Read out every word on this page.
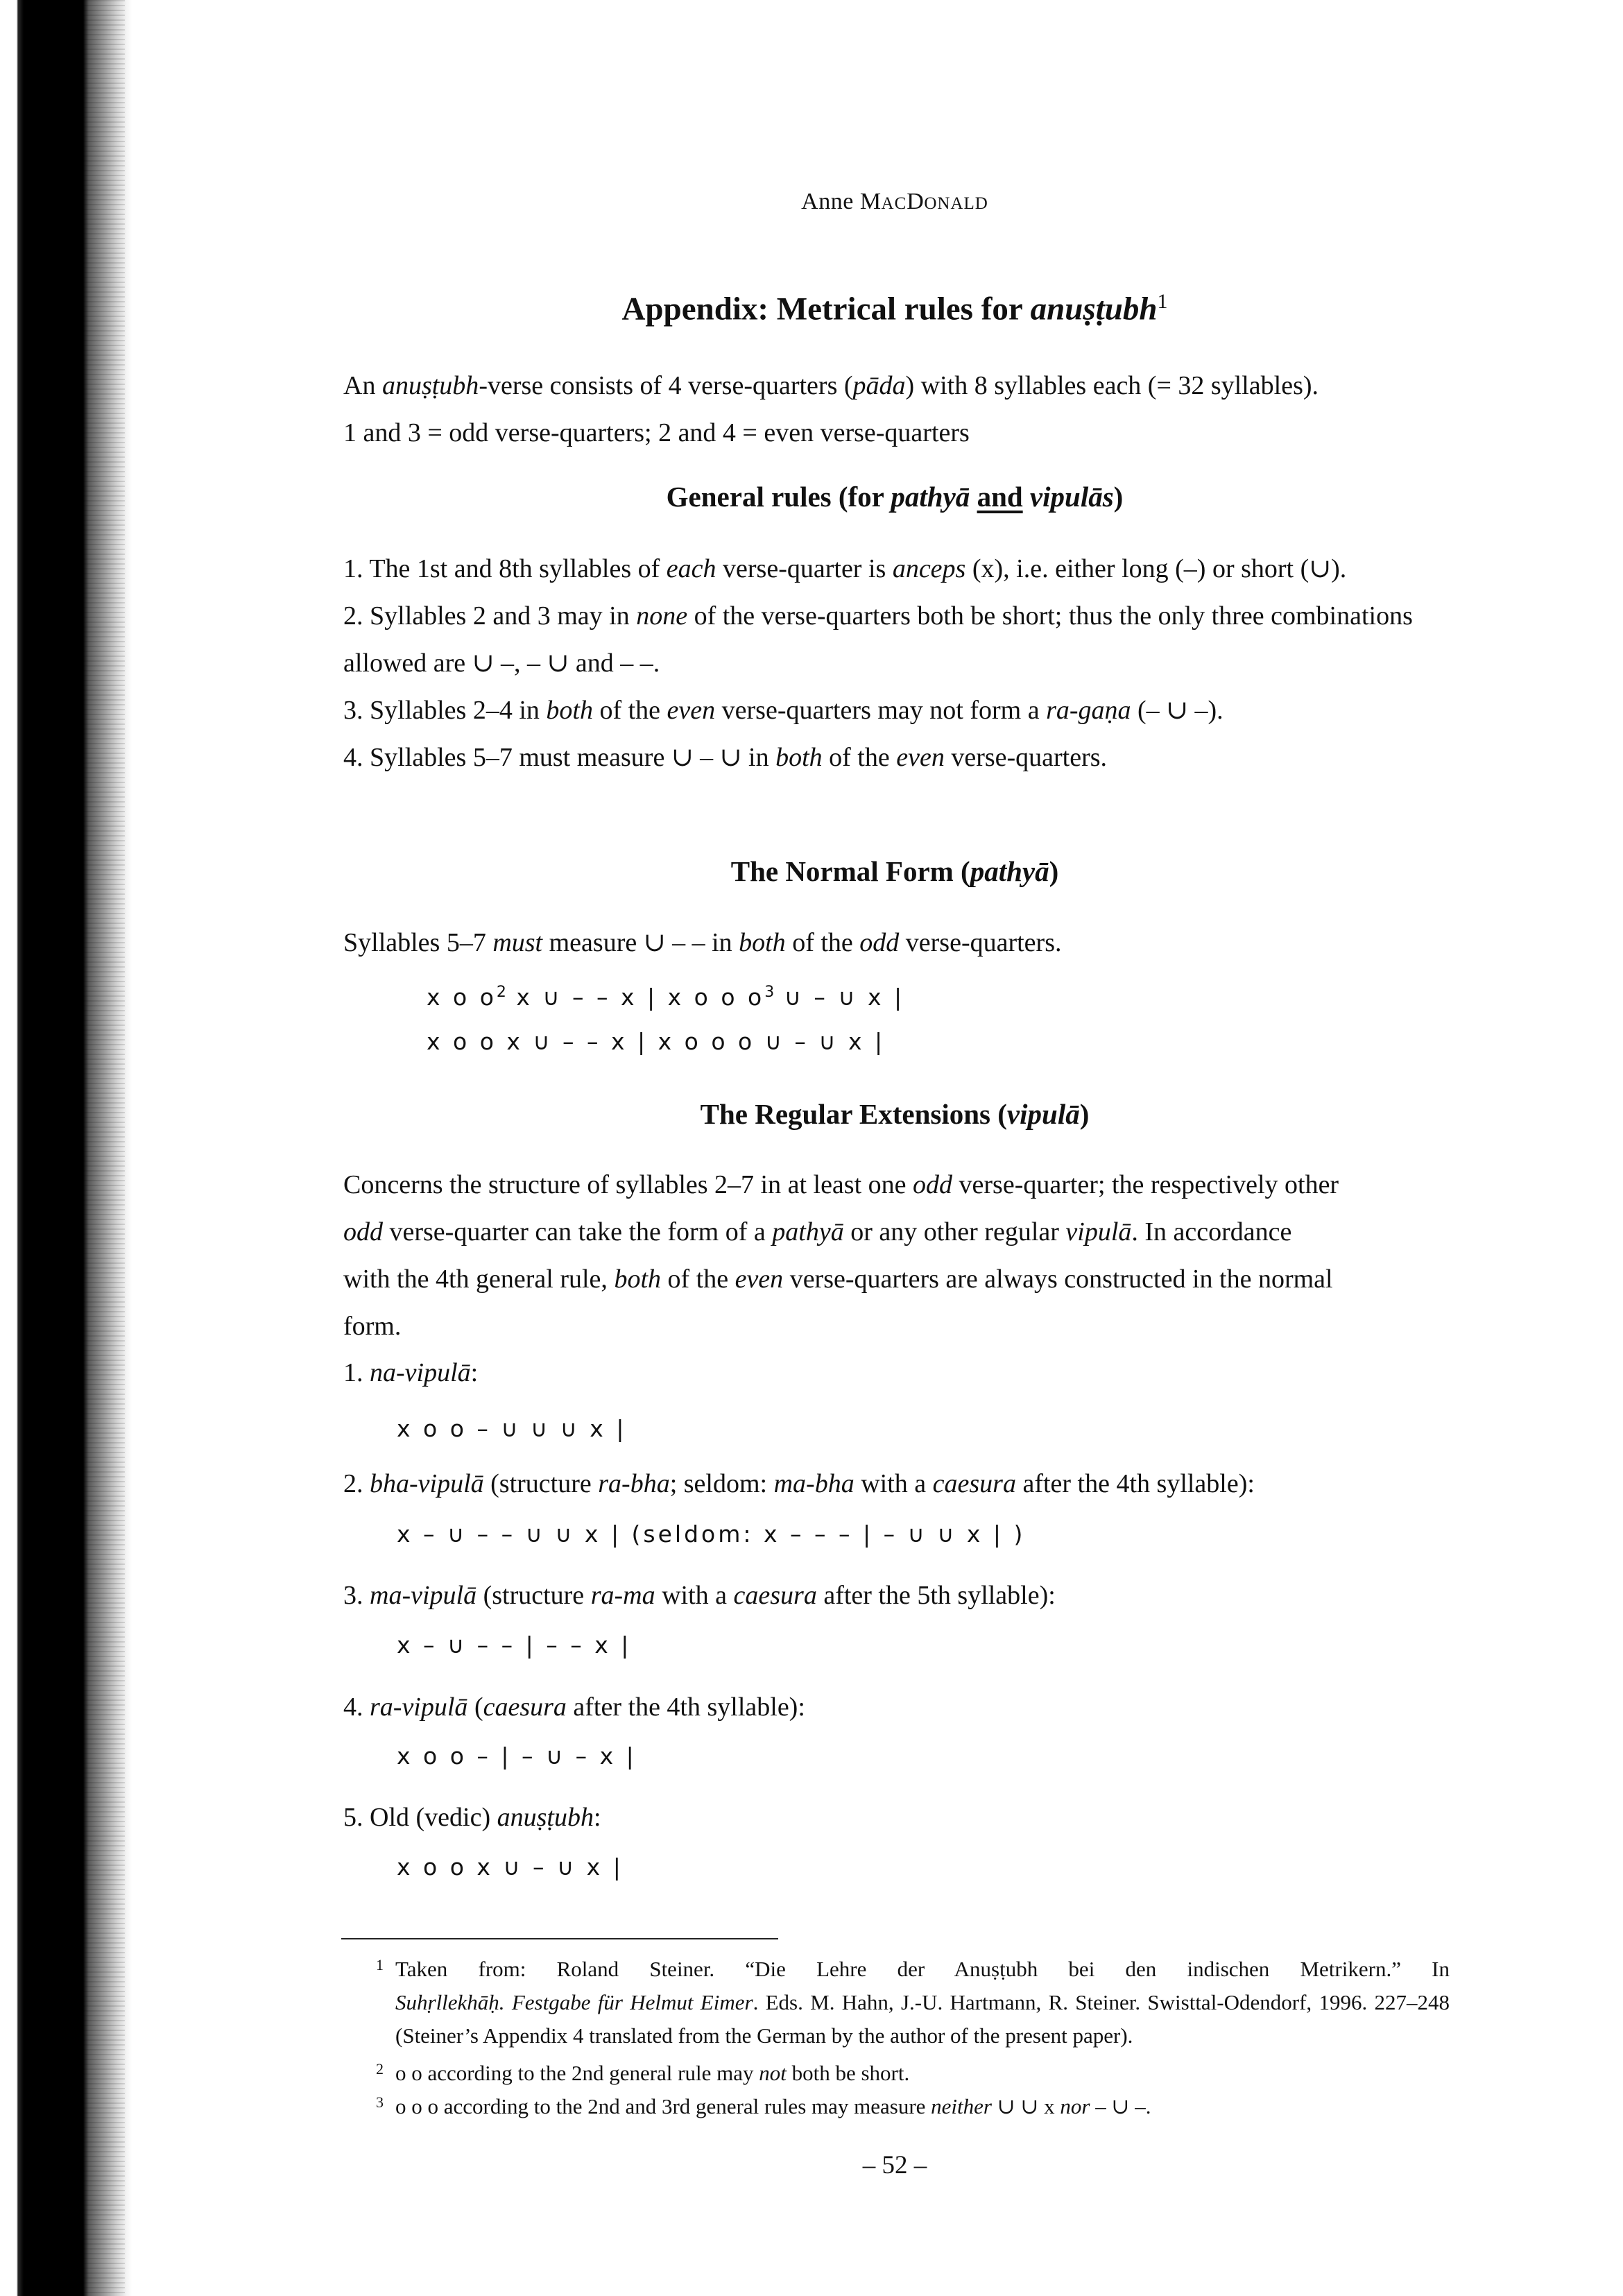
Anne MACDONALD
Appendix: Metrical rules for anuṣṭubh$^1$
An anuṣṭubh-verse consists of 4 verse-quarters (pāda) with 8 syllables each (= 32 syllables).
1 and 3 = odd verse-quarters; 2 and 4 = even verse-quarters
General rules (for pathyā and vipulās)
1. The 1st and 8th syllables of each verse-quarter is anceps (x), i.e. either long (–) or short (∪).
2. Syllables 2 and 3 may in none of the verse-quarters both be short; thus the only three combinations allowed are ∪ –, – ∪ and – –.
3. Syllables 2–4 in both of the even verse-quarters may not form a ra-gaṇa (– ∪ –).
4. Syllables 5–7 must measure ∪ – ∪ in both of the even verse-quarters.
The Normal Form (pathyā)
Syllables 5–7 must measure ∪ – – in both of the odd verse-quarters.
x o $o^2$ x ∪ – – x | x o o $o^3$ ∪ – ∪ x |
x o o x ∪ – – x | x o o o ∪ – ∪ x |
The Regular Extensions (vipulā)
Concerns the structure of syllables 2–7 in at least one odd verse-quarter; the respectively other
odd verse-quarter can take the form of a pathyā or any other regular vipulā. In accordance
with the 4th general rule, both of the even verse-quarters are always constructed in the normal
form.
1. na-vipulā:
x o o – ∪ ∪ ∪ x |
2. bha-vipulā (structure ra-bha; seldom: ma-bha with a caesura after the 4th syllable):
x – ∪ – – ∪ ∪ x | (seldom: x – – – | – ∪ ∪ x | )
3. ma-vipulā (structure ra-ma with a caesura after the 5th syllable):
x – ∪ – – | – – x |
4. ra-vipulā (caesura after the 4th syllable):
x o o – | – ∪ – x |
5. Old (vedic) anuṣṭubh:
x o o x ∪ – ∪ x |
1 Taken from: Roland Steiner. “Die Lehre der Anuṣṭubh bei den indischen Metrikern.” In Suhṛllekhāḥ. Festgabe für Helmut Eimer. Eds. M. Hahn, J.-U. Hartmann, R. Steiner. Swisttal-Odendorf, 1996. 227–248 (Steiner’s Appendix 4 translated from the German by the author of the present paper).
2 o o according to the 2nd general rule may not both be short.
3 o o o according to the 2nd and 3rd general rules may measure neither ∪ ∪ x nor – ∪ –.
– 52 –
